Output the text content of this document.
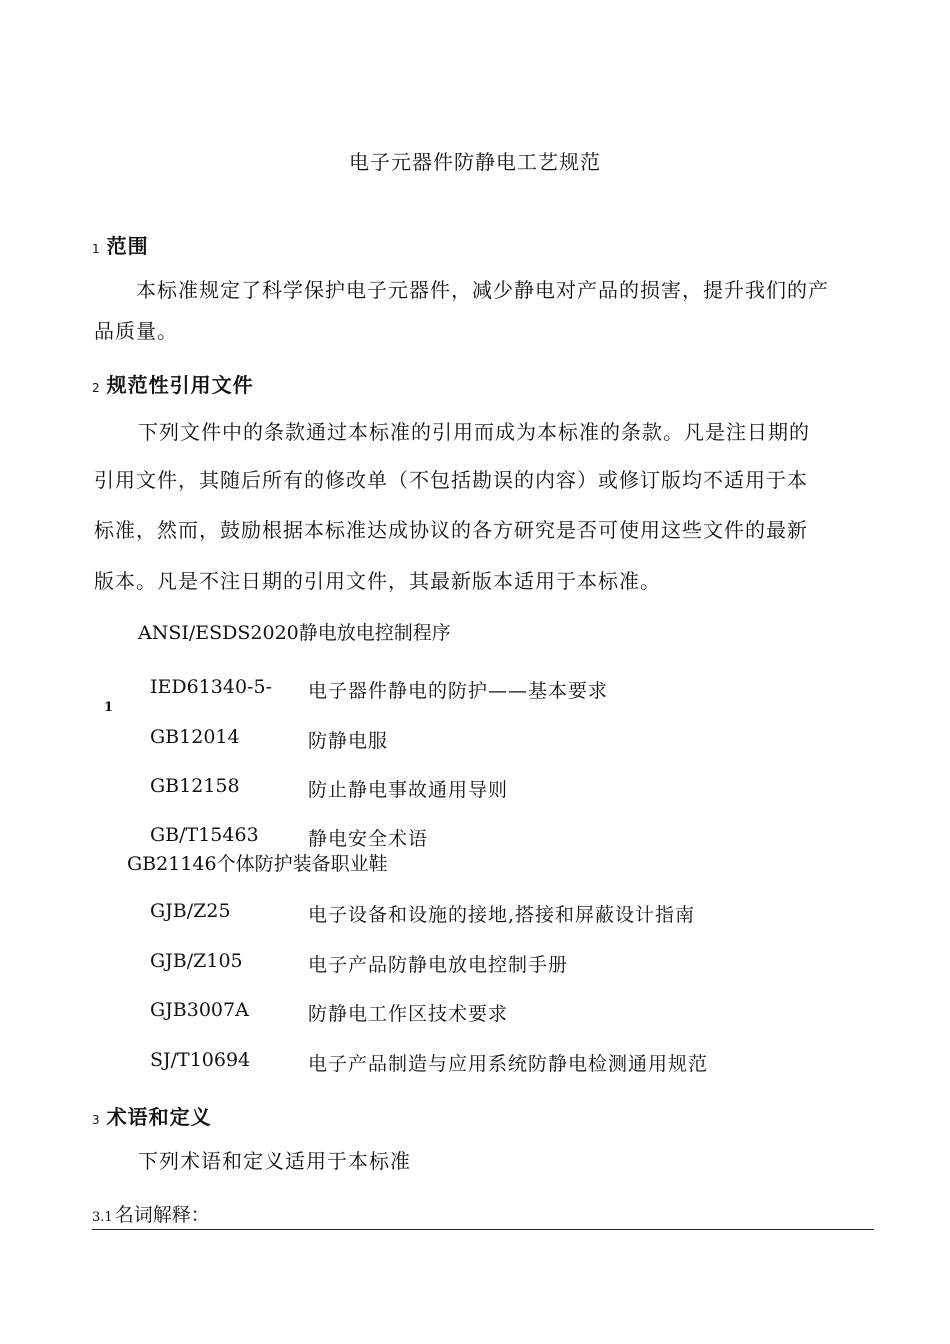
电子元器件防静电工艺规范
1 范围
本标准规定了科学保护电子元器件，减少静电对产品的损害，提升我们的产
品质量。
2 规范性引用文件
下列文件中的条款通过本标准的引用而成为本标准的条款。凡是注日期的
引用文件，其随后所有的修改单（不包括勘误的内容）或修订版均不适用于本
标准，然而，鼓励根据本标准达成协议的各方研究是否可使用这些文件的最新
版本。凡是不注日期的引用文件，其最新版本适用于本标准。
ANSI/ESDS2020静电放电控制程序
1
IED61340-5- 电子器件静电的防护——基本要求
GB12014	防静电服
GB12158	防止静电事故通用导则
GB/T15463	静电安全术语
GB21146个体防护装备职业鞋
GJB/Z25	电子设备和设施的接地,搭接和屏蔽设计指南
GJB/Z105	电子产品防静电放电控制手册
GJB3007A	防静电工作区技术要求
SJ/T10694	电子产品制造与应用系统防静电检测通用规范
3 术语和定义
下列术语和定义适用于本标准
3.1 名词解释：
